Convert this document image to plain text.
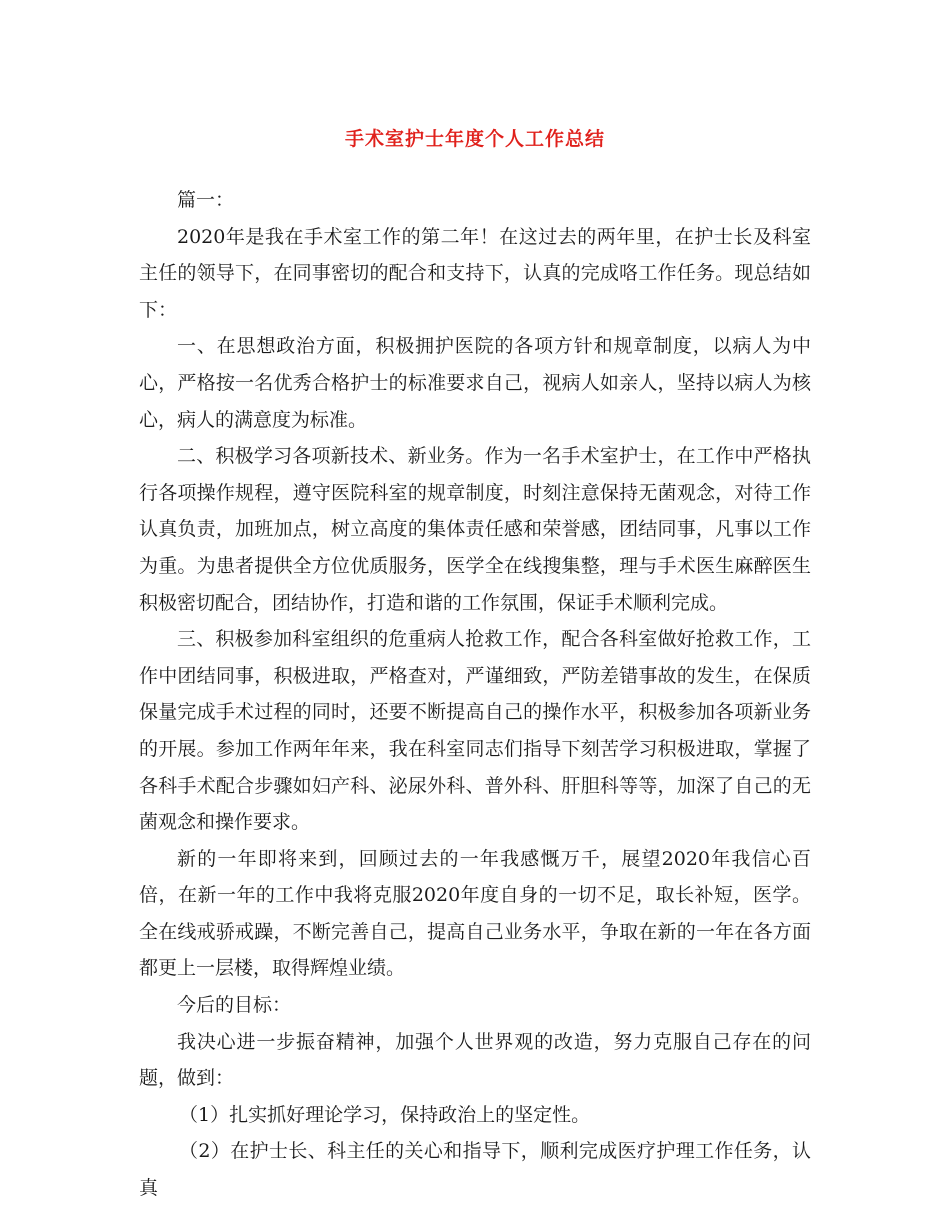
手术室护士年度个人工作总结

篇一：

2020年是我在手术室工作的第二年！在这过去的两年里，在护士长及科室主任的领导下，在同事密切的配合和支持下，认真的完成咯工作任务。现总结如下：

一、在思想政治方面，积极拥护医院的各项方针和规章制度，以病人为中心，严格按一名优秀合格护士的标准要求自己，视病人如亲人，坚持以病人为核心，病人的满意度为标准。

二、积极学习各项新技术、新业务。作为一名手术室护士，在工作中严格执行各项操作规程，遵守医院科室的规章制度，时刻注意保持无菌观念，对待工作认真负责，加班加点，树立高度的集体责任感和荣誉感，团结同事，凡事以工作为重。为患者提供全方位优质服务，医学全在线搜集整，理与手术医生麻醉医生积极密切配合，团结协作，打造和谐的工作氛围，保证手术顺利完成。

三、积极参加科室组织的危重病人抢救工作，配合各科室做好抢救工作，工作中团结同事，积极进取，严格查对，严谨细致，严防差错事故的发生，在保质保量完成手术过程的同时，还要不断提高自己的操作水平，积极参加各项新业务的开展。参加工作两年年来，我在科室同志们指导下刻苦学习积极进取，掌握了各科手术配合步骤如妇产科、泌尿外科、普外科、肝胆科等等，加深了自己的无菌观念和操作要求。

新的一年即将来到，回顾过去的一年我感慨万千，展望2020年我信心百倍，在新一年的工作中我将克服2020年度自身的一切不足，取长补短，医学。全在线戒骄戒躁，不断完善自己，提高自己业务水平，争取在新的一年在各方面都更上一层楼，取得辉煌业绩。

今后的目标：

我决心进一步振奋精神，加强个人世界观的改造，努力克服自己存在的问题，做到：

（1）扎实抓好理论学习，保持政治上的坚定性。

（2）在护士长、科主任的关心和指导下，顺利完成医疗护理工作任务，认真
